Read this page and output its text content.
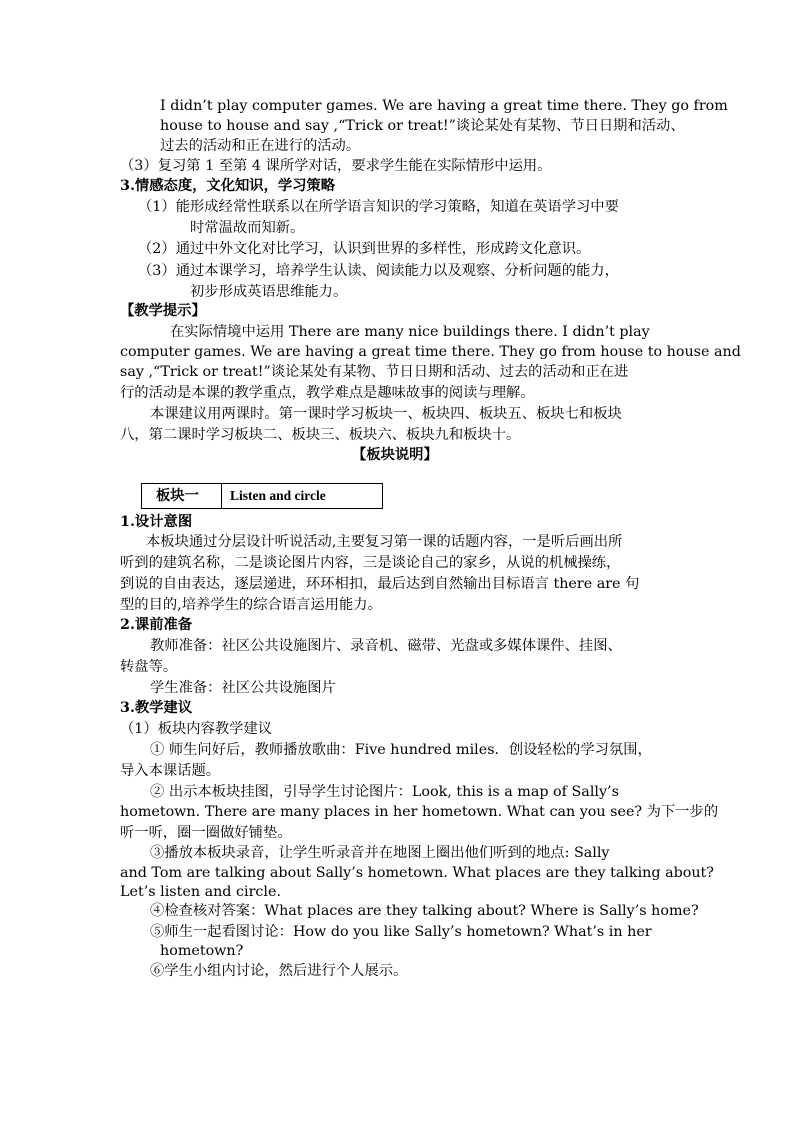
I didn’t play computer games. We are having a great time there. They go from
house to house and say ,“Trick or treat!”谈论某处有某物、节日日期和活动、
过去的活动和正在进行的活动。
（3）复习第 1 至第 4 课所学对话，要求学生能在实际情形中运用。
3.情感态度，文化知识，学习策略
（1）能形成经常性联系以在所学语言知识的学习策略，知道在英语学习中要
时常温故而知新。
（2）通过中外文化对比学习，认识到世界的多样性，形成跨文化意识。
（3）通过本课学习，培养学生认读、阅读能力以及观察、分析问题的能力，
初步形成英语思维能力。
【教学提示】
在实际情境中运用 There are many nice buildings there. I didn’t play
computer games. We are having a great time there. They go from house to house and
say ,“Trick or treat!”谈论某处有某物、节日日期和活动、过去的活动和正在进
行的活动是本课的教学重点，教学难点是趣味故事的阅读与理解。
本课建议用两课时。第一课时学习板块一、板块四、板块五、板块七和板块
八，第二课时学习板块二、板块三、板块六、板块九和板块十。
【板块说明】
板块一	Listen and circle
1.设计意图
本板块通过分层设计听说活动,主要复习第一课的话题内容，一是听后画出所
听到的建筑名称，二是谈论图片内容，三是谈论自己的家乡，从说的机械操练，
到说的自由表达，逐层递进，环环相扣，最后达到自然输出目标语言 there are 句
型的目的,培养学生的综合语言运用能力。
2.课前准备
教师准备：社区公共设施图片、录音机、磁带、光盘或多媒体课件、挂图、
转盘等。
学生准备：社区公共设施图片
3.教学建议
（1）板块内容教学建议
① 师生问好后，教师播放歌曲：Five hundred miles．创设轻松的学习氛围，
导入本课话题。
② 出示本板块挂图，引导学生讨论图片：Look, this is a map of Sally’s
hometown. There are many places in her hometown. What can you see? 为下一步的
听一听，圈一圈做好铺垫。
③播放本板块录音，让学生听录音并在地图上圈出他们听到的地点: Sally
and Tom are talking about Sally’s hometown. What places are they talking about?
Let’s listen and circle.
④检查核对答案：What places are they talking about? Where is Sally’s home?
⑤师生一起看图讨论：How do you like Sally’s hometown? What’s in her
hometown?
⑥学生小组内讨论，然后进行个人展示。
